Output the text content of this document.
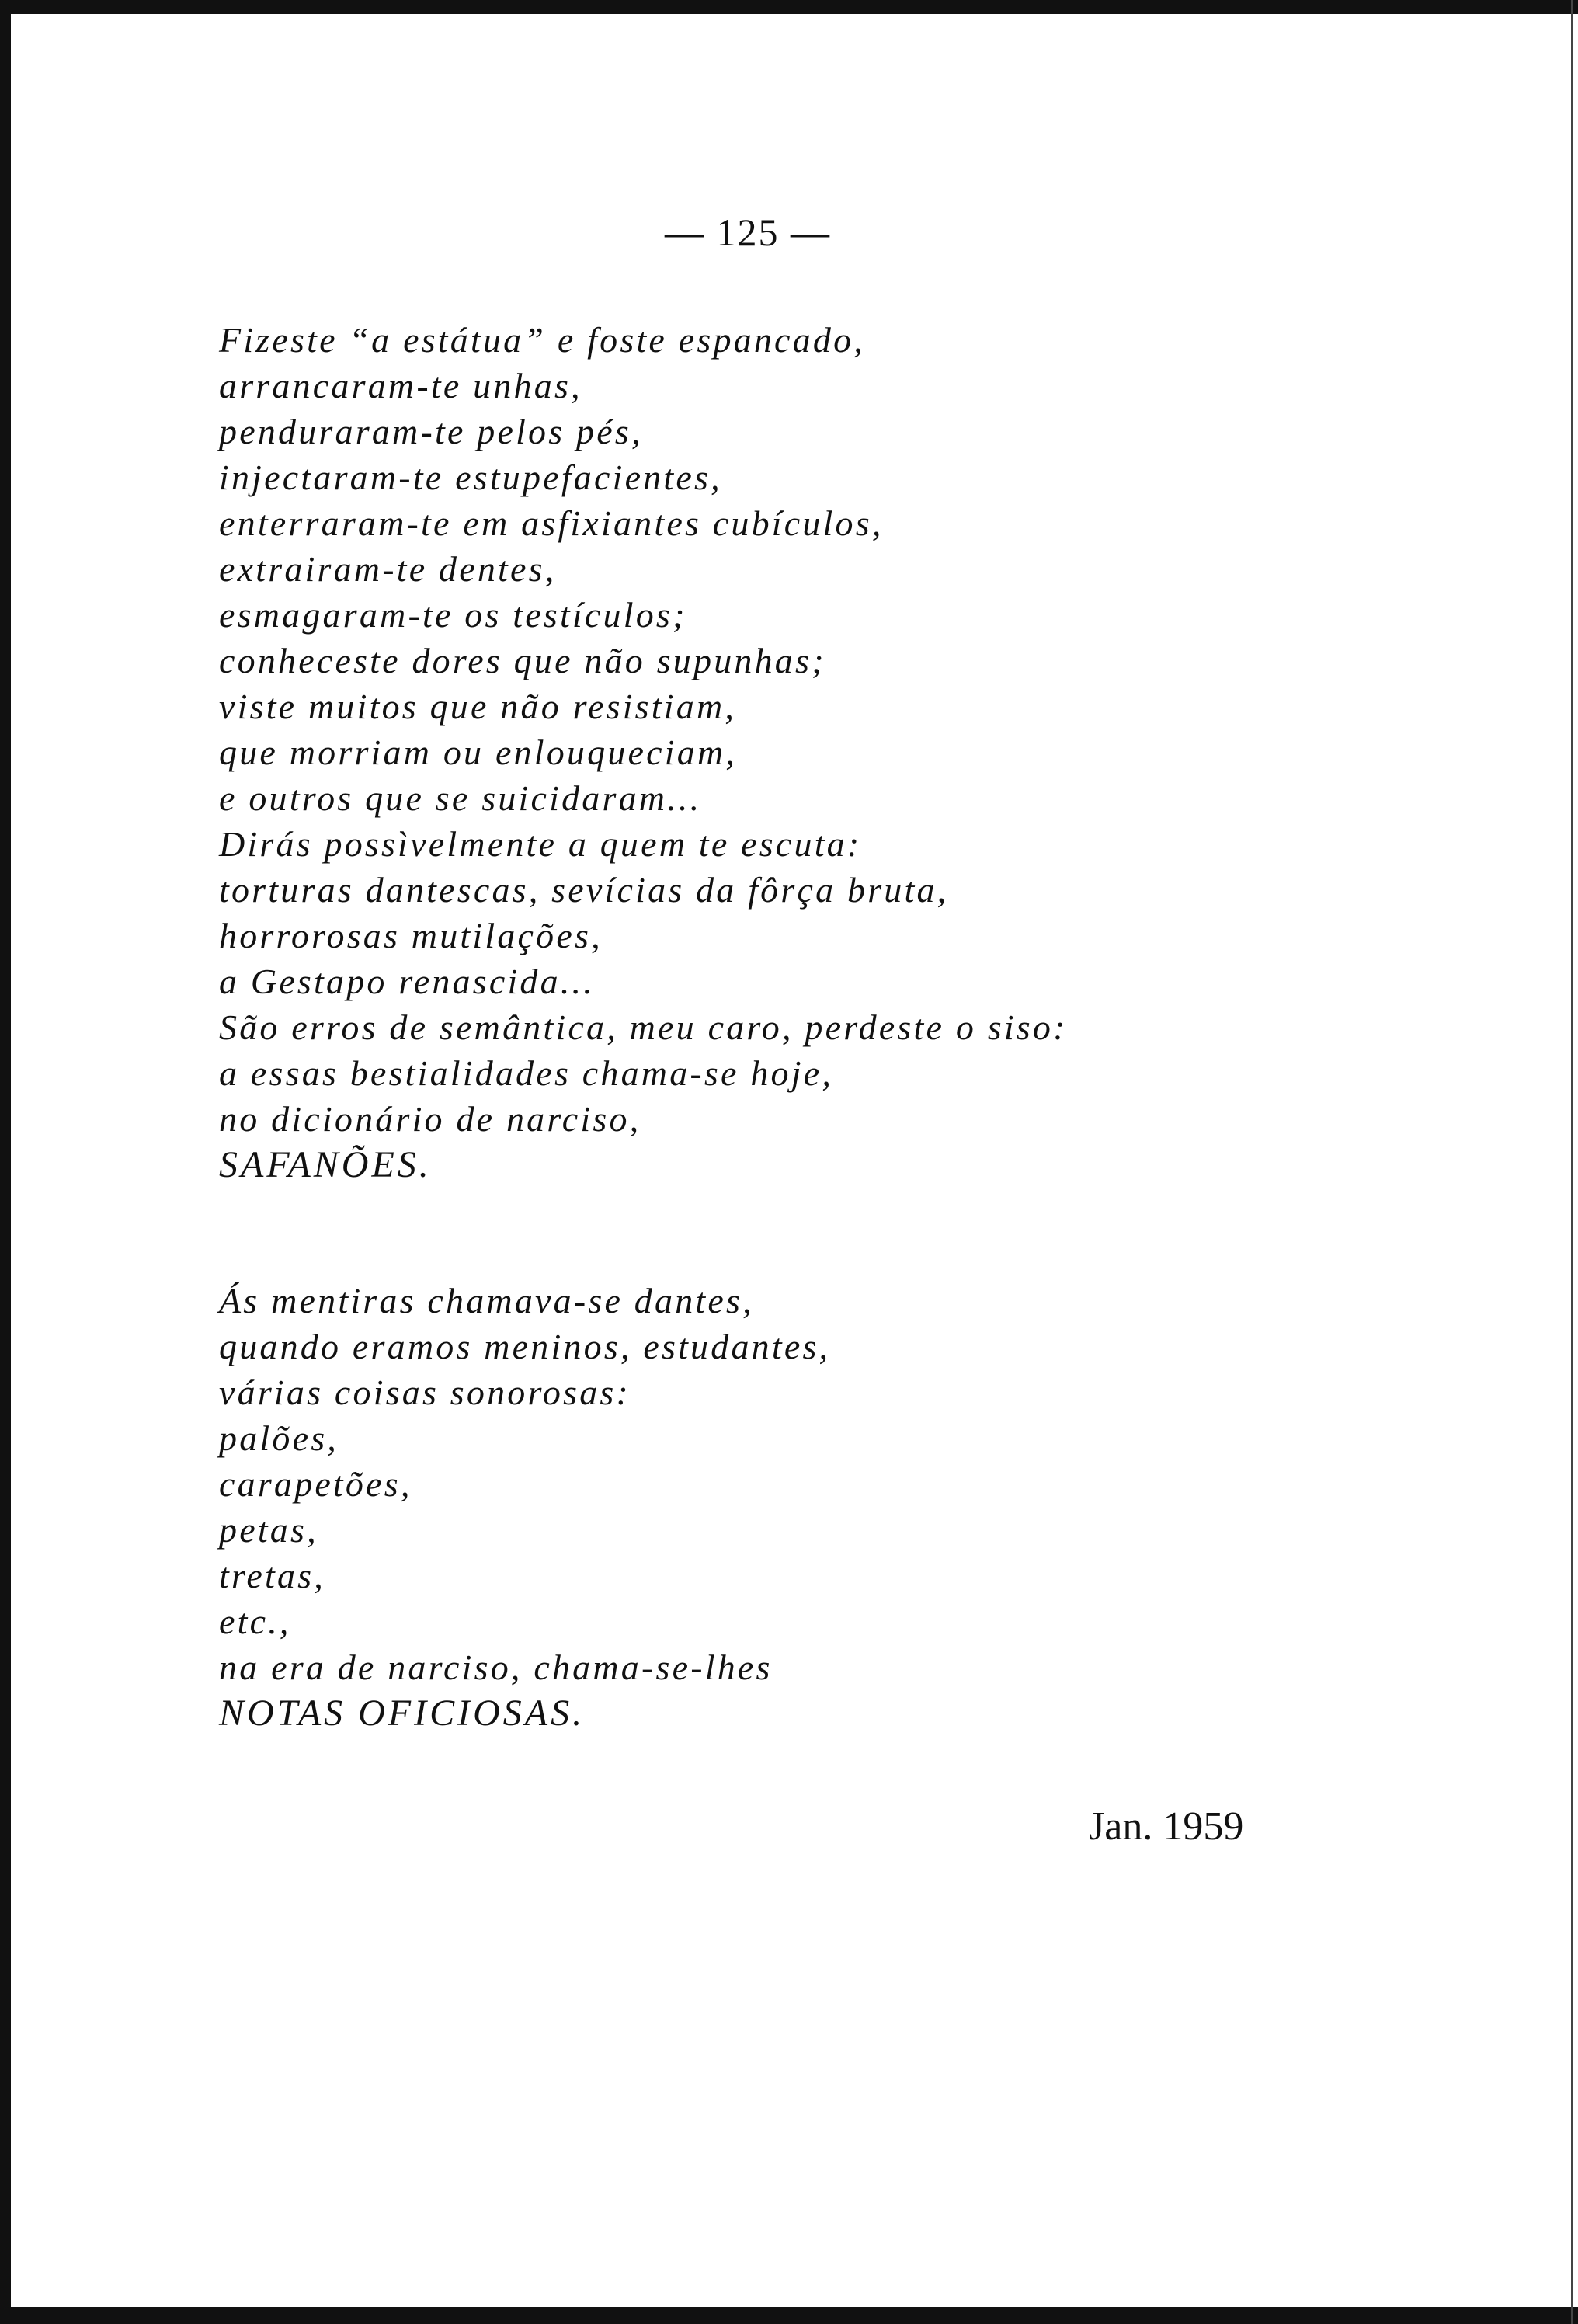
— 125 —
Fizeste “a estátua” e foste espancado,
arrancaram-te unhas,
penduraram-te pelos pés,
injectaram-te estupefacientes,
enterraram-te em asfixiantes cubículos,
extrairam-te dentes,
esmagaram-te os testículos;
conheceste dores que não supunhas;
viste muitos que não resistiam,
que morriam ou enlouqueciam,
e outros que se suicidaram...
Dirás possìvelmente a quem te escuta:
torturas dantescas, sevícias da fôrça bruta,
horrorosas mutilações,
a Gestapo renascida...
São erros de semântica, meu caro, perdeste o siso:
a essas bestialidades chama-se hoje,
no dicionário de narciso,
SAFANÕES.
Ás mentiras chamava-se dantes,
quando eramos meninos, estudantes,
várias coisas sonorosas:
palões,
carapetões,
petas,
tretas,
etc.,
na era de narciso, chama-se-lhes
NOTAS OFICIOSAS.
Jan. 1959
